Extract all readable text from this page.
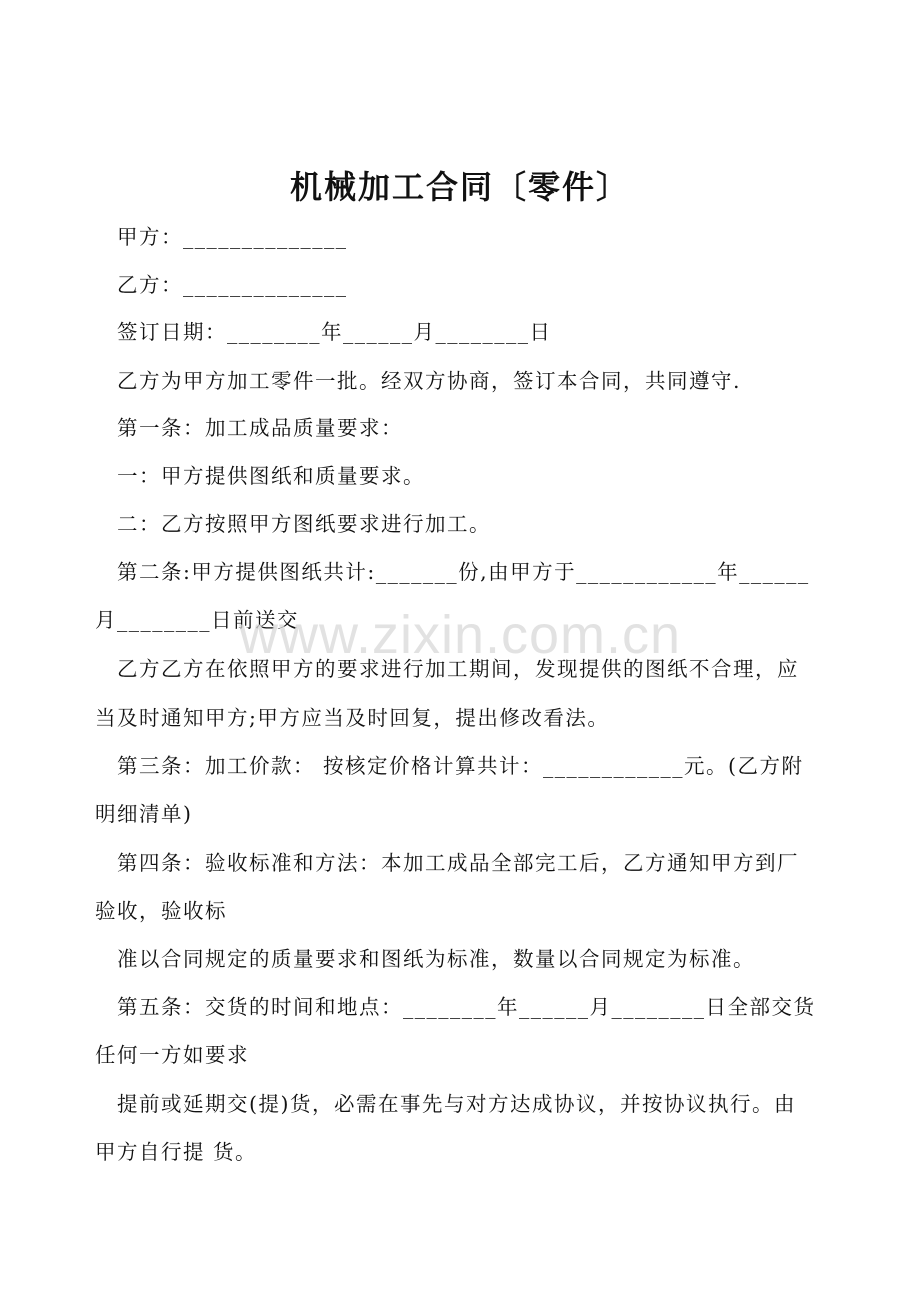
机械加工合同〔零件〕
甲方：______________
乙方：______________
签订日期：________年______月________日
乙方为甲方加工零件一批。经双方协商，签订本合同，共同遵守.
第一条：加工成品质量要求：
一：甲方提供图纸和质量要求。
二：乙方按照甲方图纸要求进行加工。
第二条:甲方提供图纸共计:_______份,由甲方于____________年______
月________日前送交
乙方乙方在依照甲方的要求进行加工期间，发现提供的图纸不合理，应
当及时通知甲方;甲方应当及时回复，提出修改看法。
第三条：加工价款： 按核定价格计算共计：____________元。(乙方附
明细清单)
第四条：验收标准和方法：本加工成品全部完工后，乙方通知甲方到厂
验收，验收标
准以合同规定的质量要求和图纸为标准，数量以合同规定为标准。
第五条：交货的时间和地点：________年______月________日全部交货
任何一方如要求
提前或延期交(提)货，必需在事先与对方达成协议，并按协议执行。由
甲方自行提 货。
www.zixin.com.cn
